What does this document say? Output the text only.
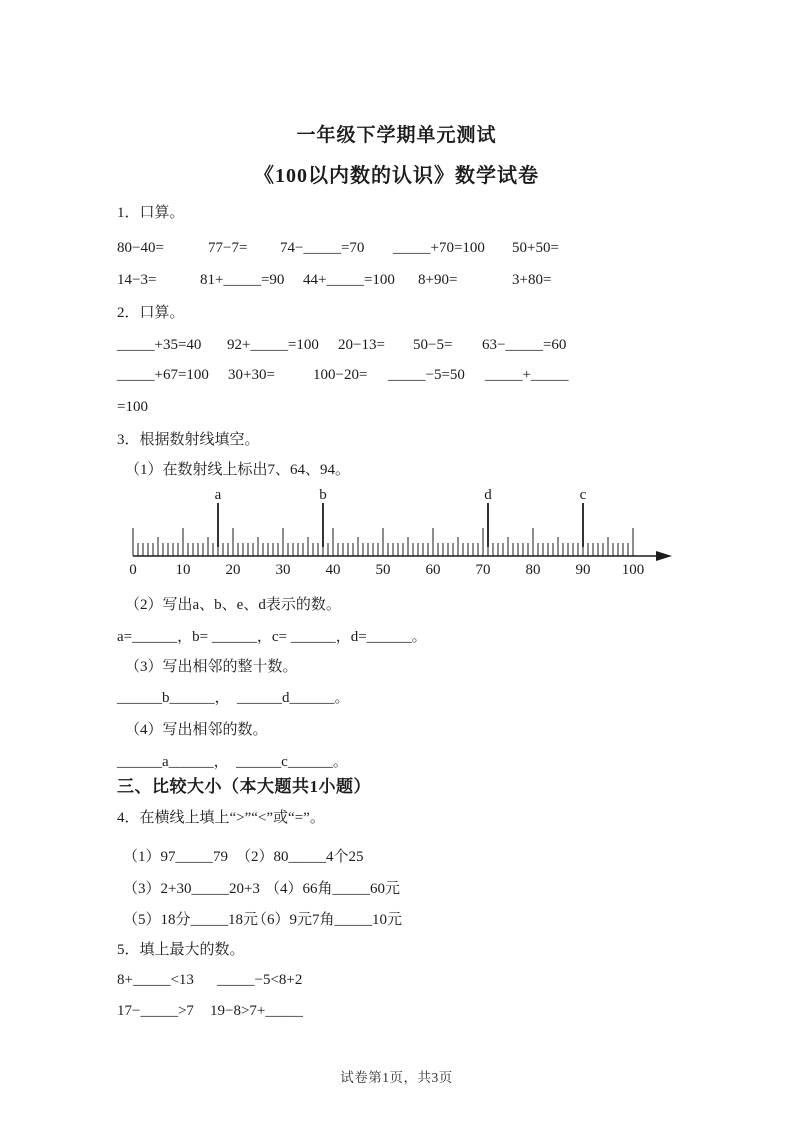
一年级下学期单元测试
《100以内数的认识》数学试卷
1．口算。
80−40=	77−7= 74−_____=70 _____+70=100 50+50=
14−3=	81+_____=90 44+_____=100 8+90=	3+80=
2．口算。
_____+35=40 92+_____=100 20−13= 50−5= 63−_____=60
_____+67=100 30+30=	100−20= _____−5=50 _____+_____
=100
3．根据数射线填空。
（1）在数射线上标出7、64、94。
0	10 20 30 40 50 60 70 80 90 100
a	b	d	c
（2）写出a、b、e、d表示的数。
a=______，b= ______，c= ______，d=______。
（3）写出相邻的整十数。
______b______，　______d______。
（4）写出相邻的数。
______a______，　______c______。
三、比较大小（本大题共1小题）
4．在横线上填上“>”“<”或“=”。
（1）97_____79 （2）80_____4个25
（3）2+30_____20+3 （4）66角_____60元
（5）18分_____18元
（6）9元7角_____10元
5．填上最大的数。
8+_____<13 _____−5<8+2
17−_____>7 19−8>7+_____
试卷第1页，共3页
